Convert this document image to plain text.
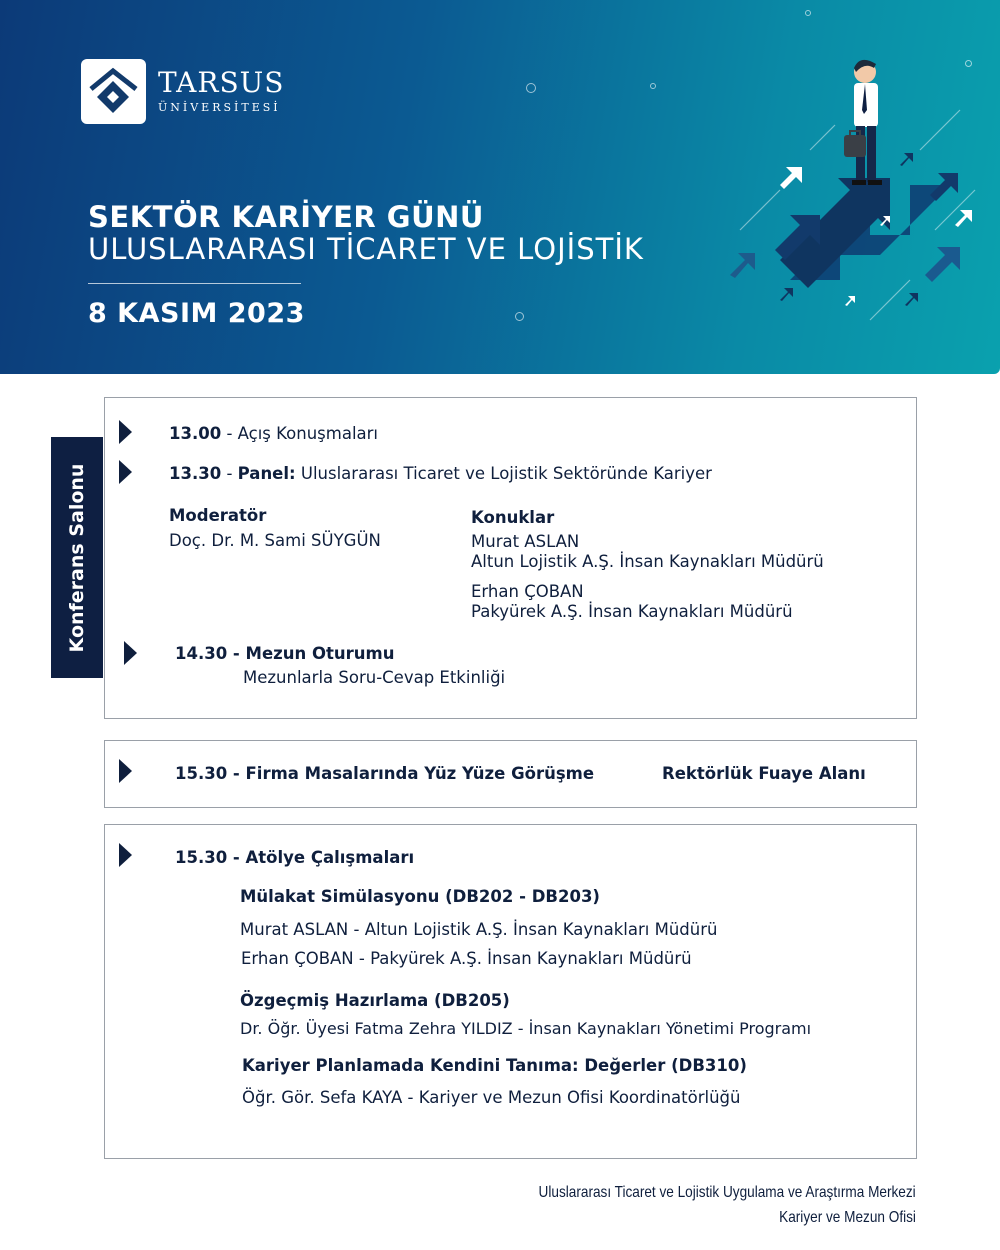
TARSUS
ÜNİVERSİTESİ
SEKTÖR KARİYER GÜNÜ
ULUSLARARASI TİCARET VE LOJİSTİK
8 KASIM 2023
Konferans Salonu
13.00 - Açış Konuşmaları
13.30 - Panel: Uluslararası Ticaret ve Lojistik Sektöründe Kariyer
Moderatör
Doç. Dr. M. Sami SÜYGÜN
Konuklar
Murat ASLAN
Altun Lojistik A.Ş. İnsan Kaynakları Müdürü
Erhan ÇOBAN
Pakyürek A.Ş. İnsan Kaynakları Müdürü
14.30 - Mezun Oturumu
Mezunlarla Soru-Cevap Etkinliği
15.30 - Firma Masalarında Yüz Yüze Görüşme	Rektörlük Fuaye Alanı
15.30 - Atölye Çalışmaları
Mülakat Simülasyonu (DB202 - DB203)
Murat ASLAN - Altun Lojistik A.Ş. İnsan Kaynakları Müdürü
Erhan ÇOBAN - Pakyürek A.Ş. İnsan Kaynakları Müdürü
Özgeçmiş Hazırlama (DB205)
Dr. Öğr. Üyesi Fatma Zehra YILDIZ - İnsan Kaynakları Yönetimi Programı
Kariyer Planlamada Kendini Tanıma: Değerler (DB310)
Öğr. Gör. Sefa KAYA - Kariyer ve Mezun Ofisi Koordinatörlüğü
Uluslararası Ticaret ve Lojistik Uygulama ve Araştırma Merkezi
Kariyer ve Mezun Ofisi
